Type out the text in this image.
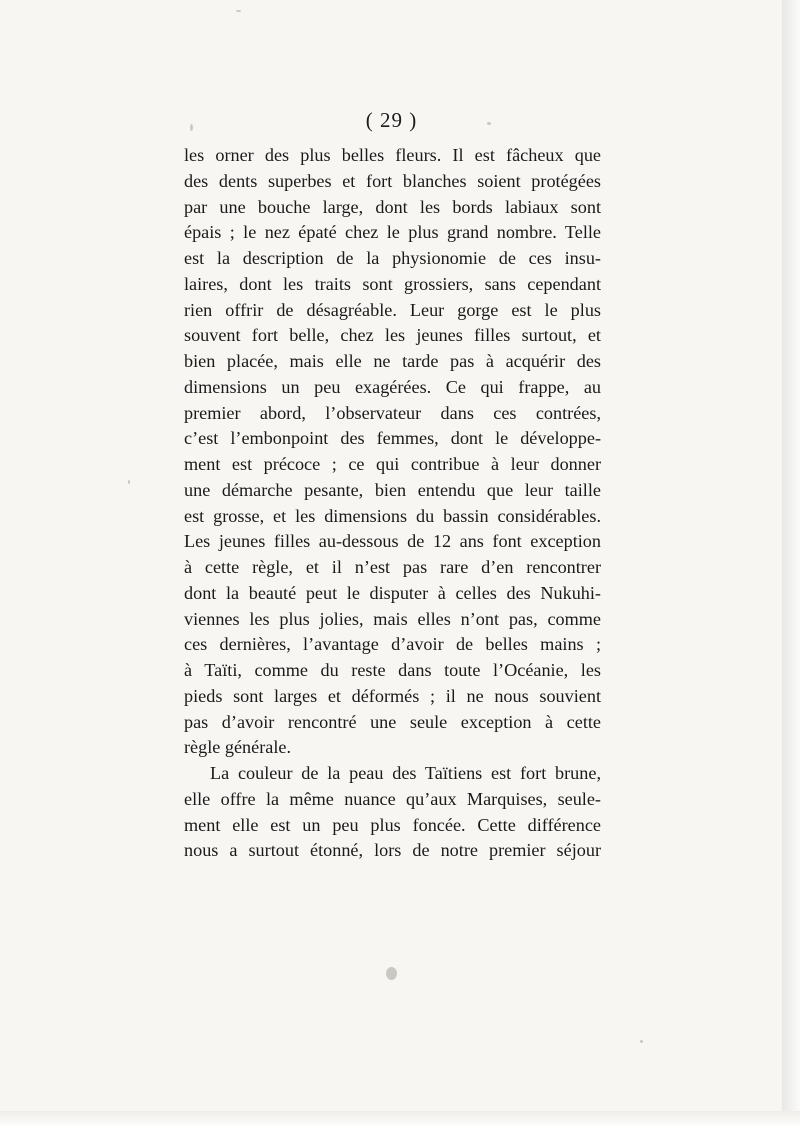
( 29 )
les orner des plus belles fleurs. Il est fâcheux que
des dents superbes et fort blanches soient protégées
par une bouche large, dont les bords labiaux sont
épais ; le nez épaté chez le plus grand nombre. Telle
est la description de la physionomie de ces insu-
laires, dont les traits sont grossiers, sans cependant
rien offrir de désagréable. Leur gorge est le plus
souvent fort belle, chez les jeunes filles surtout, et
bien placée, mais elle ne tarde pas à acquérir des
dimensions un peu exagérées. Ce qui frappe, au
premier abord, l’observateur dans ces contrées,
c’est l’embonpoint des femmes, dont le développe-
ment est précoce ; ce qui contribue à leur donner
une démarche pesante, bien entendu que leur taille
est grosse, et les dimensions du bassin considérables.
Les jeunes filles au-dessous de 12 ans font exception
à cette règle, et il n’est pas rare d’en rencontrer
dont la beauté peut le disputer à celles des Nukuhi-
viennes les plus jolies, mais elles n’ont pas, comme
ces dernières, l’avantage d’avoir de belles mains ;
à Taïti, comme du reste dans toute l’Océanie, les
pieds sont larges et déformés ; il ne nous souvient
pas d’avoir rencontré une seule exception à cette
règle générale.
La couleur de la peau des Taïtiens est fort brune,
elle offre la même nuance qu’aux Marquises, seule-
ment elle est un peu plus foncée. Cette différence
nous a surtout étonné, lors de notre premier séjour
